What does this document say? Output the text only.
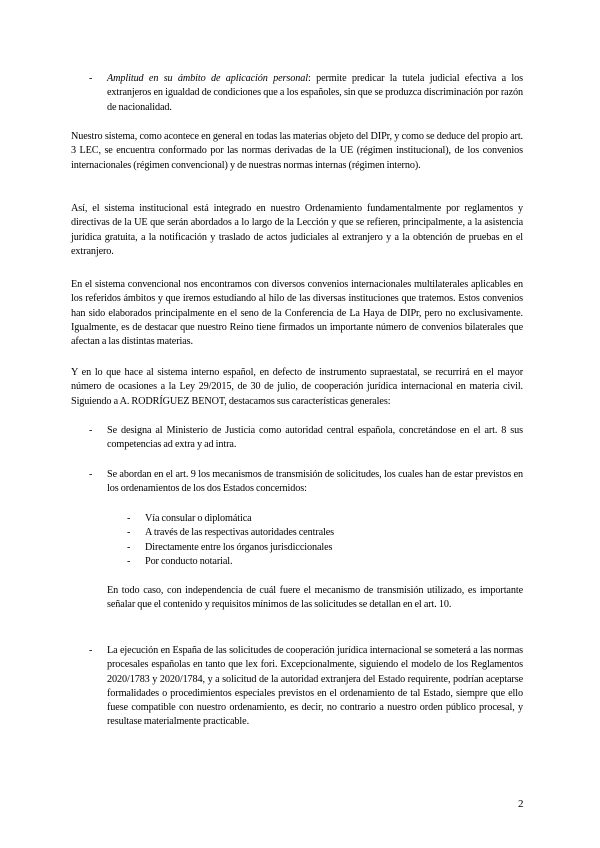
- Amplitud en su ámbito de aplicación personal: permite predicar la tutela judicial efectiva a los extranjeros en igualdad de condiciones que a los españoles, sin que se produzca discriminación por razón de nacionalidad.

Nuestro sistema, como acontece en general en todas las materias objeto del DIPr, y como se deduce del propio art. 3 LEC, se encuentra conformado por las normas derivadas de la UE (régimen institucional), de los convenios internacionales (régimen convencional) y de nuestras normas internas (régimen interno).

Así, el sistema institucional está integrado en nuestro Ordenamiento fundamentalmente por reglamentos y directivas de la UE que serán abordados a lo largo de la Lección y que se refieren, principalmente, a la asistencia jurídica gratuita, a la notificación y traslado de actos judiciales al extranjero y a la obtención de pruebas en el extranjero.

En el sistema convencional nos encontramos con diversos convenios internacionales multilaterales aplicables en los referidos ámbitos y que iremos estudiando al hilo de las diversas instituciones que tratemos. Estos convenios han sido elaborados principalmente en el seno de la Conferencia de La Haya de DIPr, pero no exclusivamente. Igualmente, es de destacar que nuestro Reino tiene firmados un importante número de convenios bilaterales que afectan a las distintas materias.

Y en lo que hace al sistema interno español, en defecto de instrumento supraestatal, se recurrirá en el mayor número de ocasiones a la Ley 29/2015, de 30 de julio, de cooperación jurídica internacional en materia civil. Siguiendo a A. RODRÍGUEZ BENOT, destacamos sus características generales:

- Se designa al Ministerio de Justicia como autoridad central española, concretándose en el art. 8 sus competencias ad extra y ad intra.

- Se abordan en el art. 9 los mecanismos de transmisión de solicitudes, los cuales han de estar previstos en los ordenamientos de los dos Estados concernidos:

- Vía consular o diplomática

- A través de las respectivas autoridades centrales

- Directamente entre los órganos jurisdiccionales

- Por conducto notarial.

En todo caso, con independencia de cuál fuere el mecanismo de transmisión utilizado, es importante señalar que el contenido y requisitos mínimos de las solicitudes se detallan en el art. 10.

- La ejecución en España de las solicitudes de cooperación jurídica internacional se someterá a las normas procesales españolas en tanto que lex fori. Excepcionalmente, siguiendo el modelo de los Reglamentos 2020/1783 y 2020/1784, y a solicitud de la autoridad extranjera del Estado requirente, podrían aceptarse formalidades o procedimientos especiales previstos en el ordenamiento de tal Estado, siempre que ello fuese compatible con nuestro ordenamiento, es decir, no contrario a nuestro orden público procesal, y resultase materialmente practicable.

2
